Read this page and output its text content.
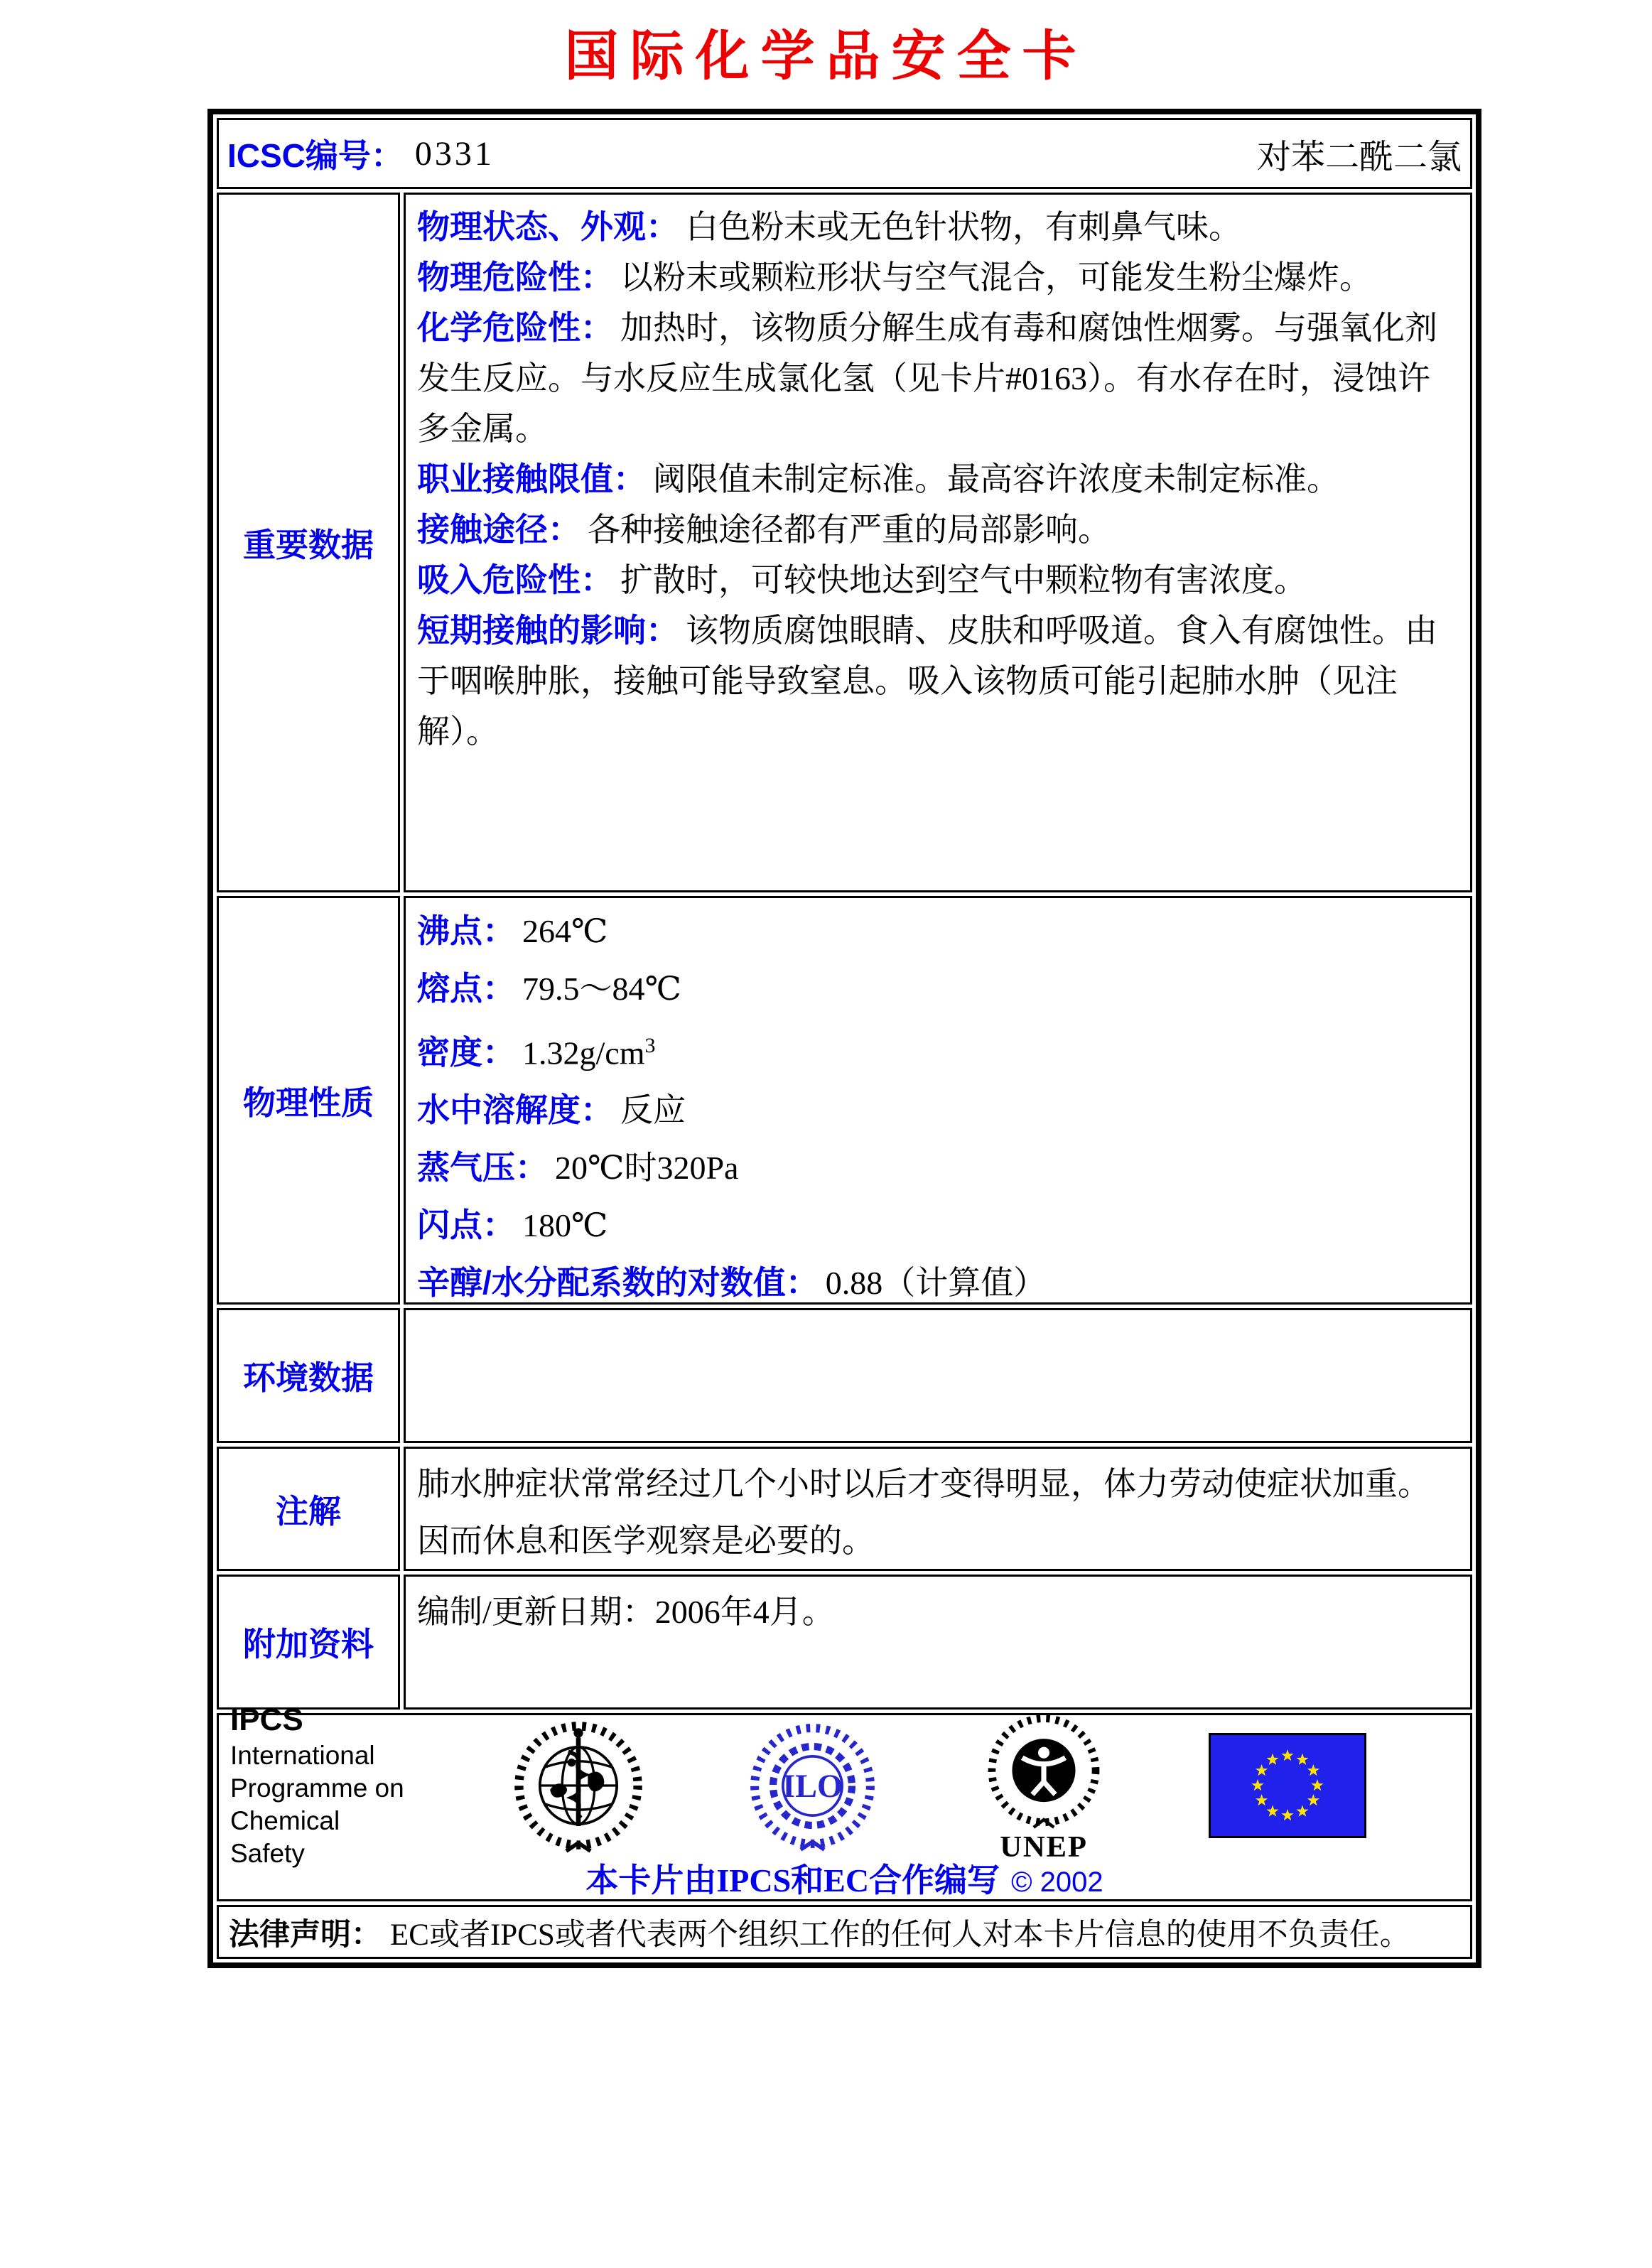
国际化学品安全卡
ICSC编号： 0331	对苯二酰二氯
重要数据
物理状态、外观： 白色粉末或无色针状物，有刺鼻气味。
物理危险性： 以粉末或颗粒形状与空气混合，可能发生粉尘爆炸。
化学危险性： 加热时，该物质分解生成有毒和腐蚀性烟雾。与强氧化剂发生反应。与水反应生成氯化氢（见卡片#0163）。有水存在时，浸蚀许多金属。
职业接触限值： 阈限值未制定标准。最高容许浓度未制定标准。
接触途径： 各种接触途径都有严重的局部影响。
吸入危险性： 扩散时，可较快地达到空气中颗粒物有害浓度。
短期接触的影响： 该物质腐蚀眼睛、皮肤和呼吸道。食入有腐蚀性。由于咽喉肿胀，接触可能导致窒息。吸入该物质可能引起肺水肿（见注解）。
物理性质
沸点： 264℃
熔点： 79.5～84℃
密度： $1.32g/cm^3$
水中溶解度： 反应
蒸气压： 20℃时320Pa
闪点： 180℃
辛醇/水分配系数的对数值： 0.88（计算值）
环境数据
注解
肺水肿症状常常经过几个小时以后才变得明显，体力劳动使症状加重。因而休息和医学观察是必要的。
附加资料
编制/更新日期：2006年4月。
IPCS
International
Programme on
Chemical Safety
ILO
UNEP
本卡片由IPCS和EC合作编写 © 2002
法律声明： EC或者IPCS或者代表两个组织工作的任何人对本卡片信息的使用不负责任。
